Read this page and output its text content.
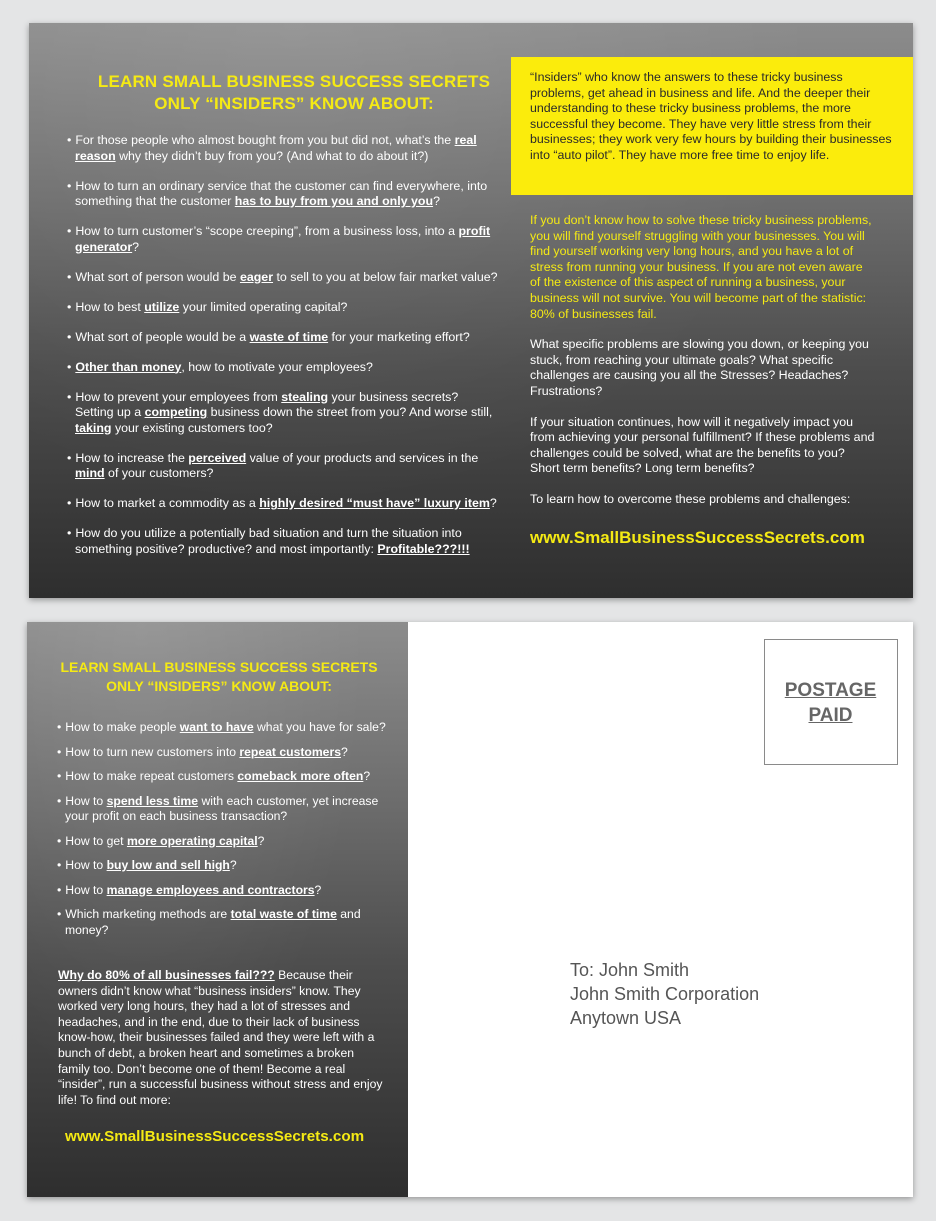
LEARN SMALL BUSINESS SUCCESS SECRETS
ONLY “INSIDERS” KNOW ABOUT:
• For those people who almost bought from you but did not, what’s the real reason why they didn’t buy from you? (And what to do about it?)
• How to turn an ordinary service that the customer can find everywhere, into something that the customer has to buy from you and only you?
• How to turn customer’s “scope creeping”, from a business loss, into a profit generator?
• What sort of person would be eager to sell to you at below fair market value?
• How to best utilize your limited operating capital?
• What sort of people would be a waste of time for your marketing effort?
• Other than money, how to motivate your employees?
• How to prevent your employees from stealing your business secrets? Setting up a competing business down the street from you? And worse still, taking your existing customers too?
• How to increase the perceived value of your products and services in the mind of your customers?
• How to market a commodity as a highly desired “must have” luxury item?
• How do you utilize a potentially bad situation and turn the situation into something positive? productive? and most importantly: Profitable???!!!
“Insiders” who know the answers to these tricky business problems, get ahead in business and life. And the deeper their understanding to these tricky business problems, the more successful they become. They have very little stress from their businesses; they work very few hours by building their businesses into “auto pilot”. They have more free time to enjoy life.

If you don’t know how to solve these tricky business problems, you will find yourself struggling with your businesses. You will find yourself working very long hours, and you have a lot of stress from running your business. If you are not even aware of the existence of this aspect of running a business, your business will not survive. You will become part of the statistic: 80% of businesses fail.

What specific problems are slowing you down, or keeping you stuck, from reaching your ultimate goals? What specific challenges are causing you all the Stresses? Headaches? Frustrations?

If your situation continues, how will it negatively impact you from achieving your personal fulfillment? If these problems and challenges could be solved, what are the benefits to you? Short term benefits? Long term benefits?

To learn how to overcome these problems and challenges:

www.SmallBusinessSuccessSecrets.com
LEARN SMALL BUSINESS SUCCESS SECRETS
ONLY “INSIDERS” KNOW ABOUT:
• How to make people want to have what you have for sale?
• How to turn new customers into repeat customers?
• How to make repeat customers comeback more often?
• How to spend less time with each customer, yet increase your profit on each business transaction?
• How to get more operating capital?
• How to buy low and sell high?
• How to manage employees and contractors?
• Which marketing methods are total waste of time and money?
Why do 80% of all businesses fail??? Because their owners didn’t know what “business insiders” know. They worked very long hours, they had a lot of stresses and headaches, and in the end, due to their lack of business know-how, their businesses failed and they were left with a bunch of debt, a broken heart and sometimes a broken family too. Don’t become one of them! Become a real “insider”, run a successful business without stress and enjoy life! To find out more:
www.SmallBusinessSuccessSecrets.com
POSTAGE
PAID
To: John Smith
John Smith Corporation
Anytown USA
